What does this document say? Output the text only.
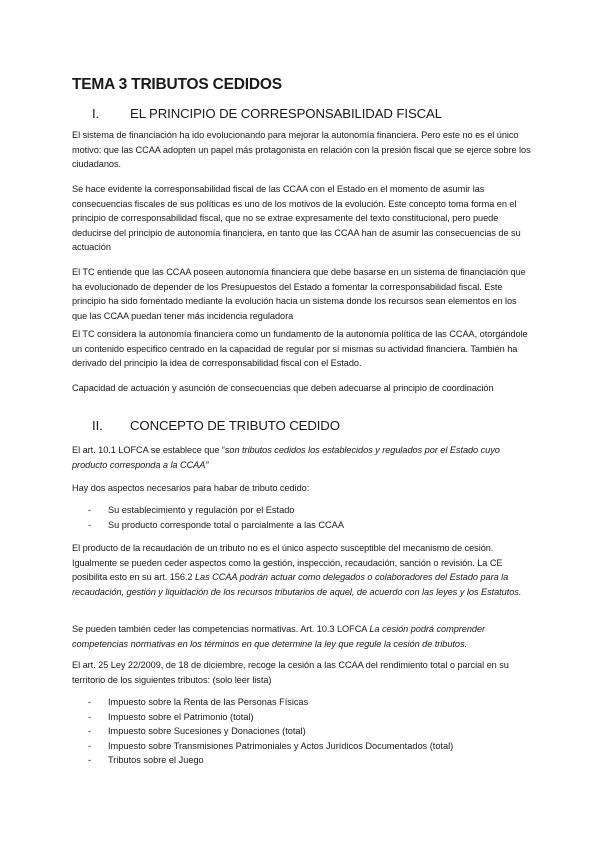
TEMA 3 TRIBUTOS CEDIDOS
I. EL PRINCIPIO DE CORRESPONSABILIDAD FISCAL

El sistema de financiación ha ido evolucionando para mejorar la autonomía financiera. Pero este no es el único motivo: que las CCAA adopten un papel más protagonista en relación con la presión fiscal que se ejerce sobre los ciudadanos.

Se hace evidente la corresponsabilidad fiscal de las CCAA con el Estado en el momento de asumir las consecuencias fiscales de sus políticas es uno de los motivos de la evolución. Este concepto toma forma en el principio de corresponsabilidad fiscal, que no se extrae expresamente del texto constitucional, pero puede deducirse del principio de autonomía financiera, en tanto que las CCAA han de asumir las consecuencias de su actuación

El TC entiende que las CCAA poseen autonomía financiera que debe basarse en un sistema de financiación que ha evolucionado de depender de los Presupuestos del Estado a fomentar la corresponsabilidad fiscal. Este principio ha sido fomentado mediante la evolución hacia un sistema donde los recursos sean elementos en los que las CCAA puedan tener más incidencia reguladora

El TC considera la autonomía financiera como un fundamento de la autonomía política de las CCAA, otorgándole un contenido especifico centrado en la capacidad de regular por sí mismas su actividad financiera. También ha derivado del principio la idea de corresponsabilidad fiscal con el Estado.

Capacidad de actuación y asunción de consecuencias que deben adecuarse al principio de coordinación

II. CONCEPTO DE TRIBUTO CEDIDO

El art. 10.1 LOFCA se establece que “son tributos cedidos los establecidos y regulados por el Estado cuyo producto corresponda a la CCAA”

Hay dos aspectos necesarios para habar de tributo cedido:

- Su establecimiento y regulación por el Estado
- Su producto corresponde total o parcialmente a las CCAA

El producto de la recaudación de un tributo no es el único aspecto susceptible del mecanismo de cesión. Igualmente se pueden ceder aspectos como la gestión, inspección, recaudación, sanción o revisión. La CE posibilita esto en su art. 156.2 Las CCAA podrán actuar como delegados o colaboradores del Estado para la recaudación, gestión y liquidación de los recursos tributarios de aquel, de acuerdo con las leyes y los Estatutos.

Se pueden también ceder las competencias normativas. Art. 10.3 LOFCA La cesión podrá comprender competencias normativas en los términos en que determine la ley que regule la cesión de tributos.

El art. 25 Ley 22/2009, de 18 de diciembre, recoge la cesión a las CCAA del rendimiento total o parcial en su territorio de los siguientes tributos: (solo leer lista)

- Impuesto sobre la Renta de las Personas Físicas
- Impuesto sobre el Patrimonio (total)
- Impuesto sobre Sucesiones y Donaciones (total)
- Impuesto sobre Transmisiones Patrimoniales y Actos Jurídicos Documentados (total)
- Tributos sobre el Juego
